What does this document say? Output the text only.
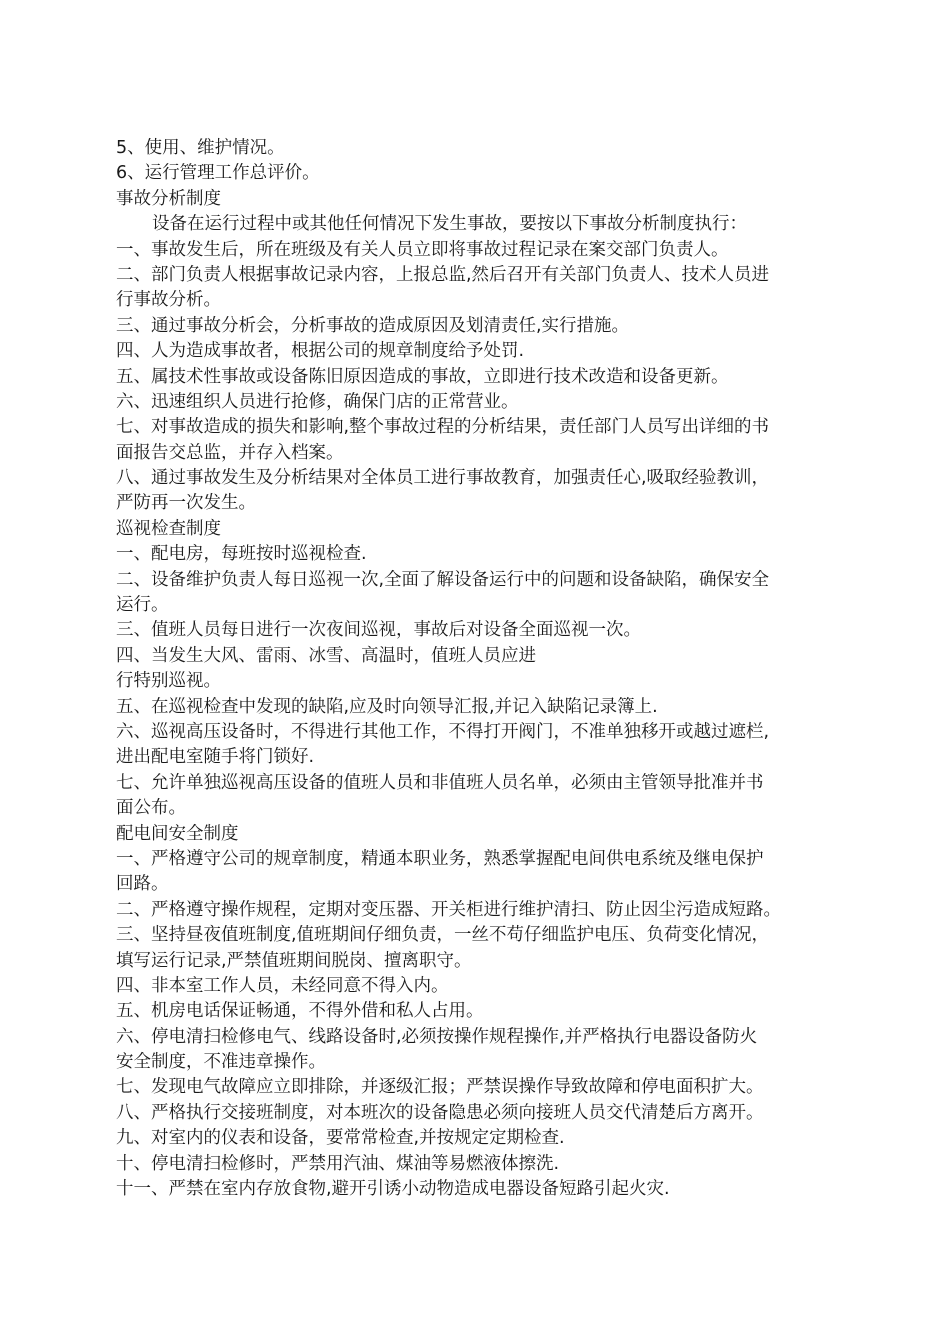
5、使用、维护情况。
6、运行管理工作总评价。
事故分析制度
设备在运行过程中或其他任何情况下发生事故，要按以下事故分析制度执行：
一、事故发生后，所在班级及有关人员立即将事故过程记录在案交部门负责人。
二、部门负责人根据事故记录内容，上报总监,然后召开有关部门负责人、技术人员进
行事故分析。
三、通过事故分析会，分析事故的造成原因及划清责任,实行措施。
四、人为造成事故者，根据公司的规章制度给予处罚.
五、属技术性事故或设备陈旧原因造成的事故，立即进行技术改造和设备更新。
六、迅速组织人员进行抢修，确保门店的正常营业。
七、对事故造成的损失和影响,整个事故过程的分析结果，责任部门人员写出详细的书
面报告交总监，并存入档案。
八、通过事故发生及分析结果对全体员工进行事故教育，加强责任心,吸取经验教训，
严防再一次发生。
巡视检查制度
一、配电房，每班按时巡视检查.
二、设备维护负责人每日巡视一次,全面了解设备运行中的问题和设备缺陷，确保安全
运行。
三、值班人员每日进行一次夜间巡视，事故后对设备全面巡视一次。
四、当发生大风、雷雨、冰雪、高温时，值班人员应进
行特别巡视。
五、在巡视检查中发现的缺陷,应及时向领导汇报,并记入缺陷记录簿上.
六、巡视高压设备时，不得进行其他工作，不得打开阀门，不准单独移开或越过遮栏,
进出配电室随手将门锁好.
七、允许单独巡视高压设备的值班人员和非值班人员名单，必须由主管领导批准并书
面公布。
配电间安全制度
一、严格遵守公司的规章制度，精通本职业务，熟悉掌握配电间供电系统及继电保护
回路。
二、严格遵守操作规程，定期对变压器、开关柜进行维护清扫、防止因尘污造成短路。
三、坚持昼夜值班制度,值班期间仔细负责，一丝不苟仔细监护电压、负荷变化情况，
填写运行记录,严禁值班期间脱岗、擅离职守。
四、非本室工作人员，未经同意不得入内。
五、机房电话保证畅通，不得外借和私人占用。
六、停电清扫检修电气、线路设备时,必须按操作规程操作,并严格执行电器设备防火
安全制度，不准违章操作。
七、发现电气故障应立即排除，并逐级汇报；严禁误操作导致故障和停电面积扩大。
八、严格执行交接班制度，对本班次的设备隐患必须向接班人员交代清楚后方离开。
九、对室内的仪表和设备，要常常检查,并按规定定期检查.
十、停电清扫检修时，严禁用汽油、煤油等易燃液体擦洗.
十一、严禁在室内存放食物,避开引诱小动物造成电器设备短路引起火灾.
